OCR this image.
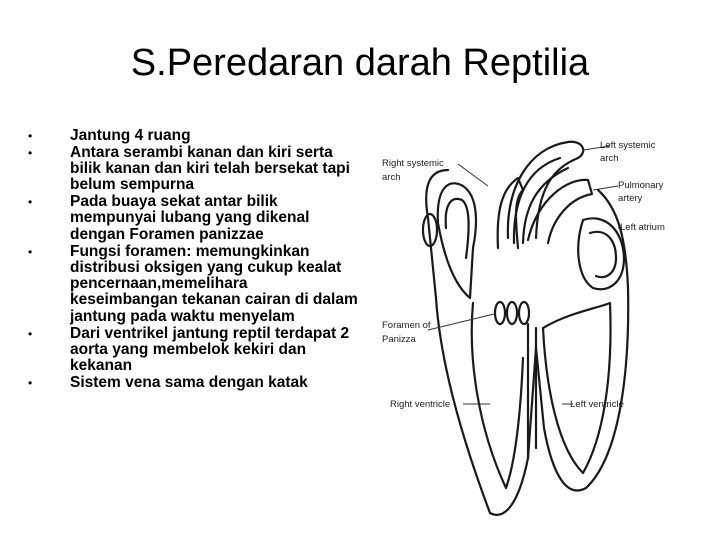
S.Peredaran darah Reptilia
• Jantung 4 ruang
• Antara serambi kanan dan kiri serta bilik kanan dan kiri telah bersekat tapi belum sempurna
• Pada buaya sekat antar bilik mempunyai lubang yang dikenal dengan Foramen panizzae
• Fungsi foramen: memungkinkan distribusi oksigen yang cukup kealat pencernaan,memelihara keseimbangan tekanan cairan di dalam jantung pada waktu menyelam
• Dari ventrikel jantung reptil terdapat 2 aorta yang membelok kekiri dan kekanan
• Sistem vena sama dengan katak
Left systemic
arch
Right systemic
arch
Pulmonary
artery
Left atrium
Foramen of
Panizza
Right ventricle	Left ventricle
